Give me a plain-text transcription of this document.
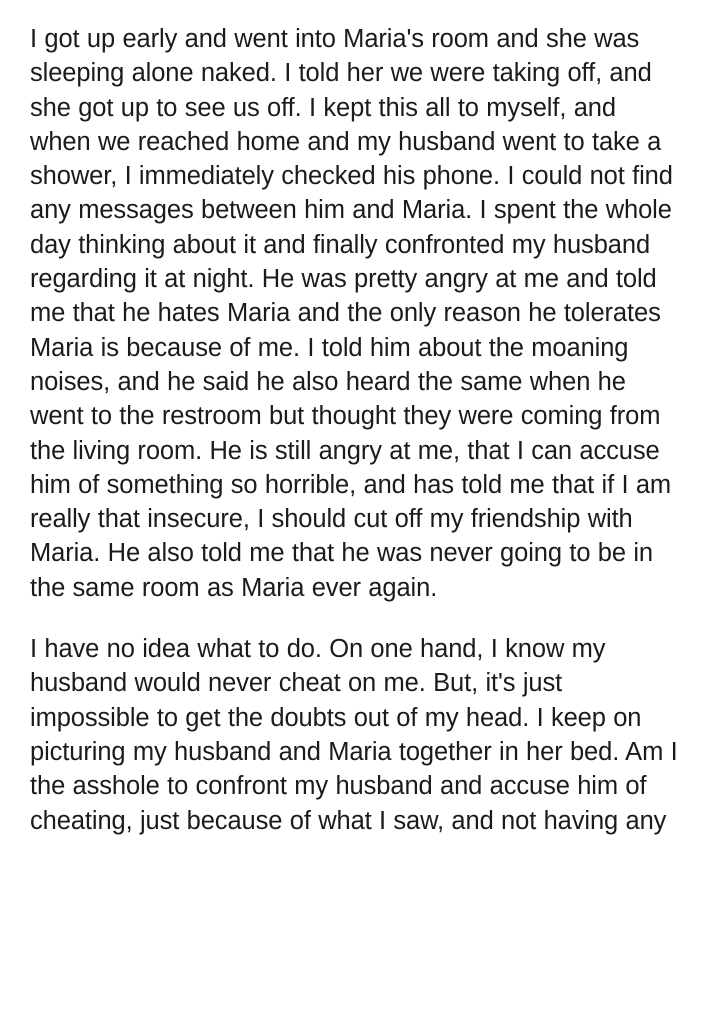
I got up early and went into Maria's room and she was sleeping alone naked. I told her we were taking off, and she got up to see us off. I kept this all to myself, and when we reached home and my husband went to take a shower, I immediately checked his phone. I could not find any messages between him and Maria. I spent the whole day thinking about it and finally confronted my husband regarding it at night. He was pretty angry at me and told me that he hates Maria and the only reason he tolerates Maria is because of me. I told him about the moaning noises, and he said he also heard the same when he went to the restroom but thought they were coming from the living room. He is still angry at me, that I can accuse him of something so horrible, and has told me that if I am really that insecure, I should cut off my friendship with Maria. He also told me that he was never going to be in the same room as Maria ever again.

I have no idea what to do. On one hand, I know my husband would never cheat on me. But, it's just impossible to get the doubts out of my head. I keep on picturing my husband and Maria together in her bed. Am I the asshole to confront my husband and accuse him of cheating, just because of what I saw, and not having any
